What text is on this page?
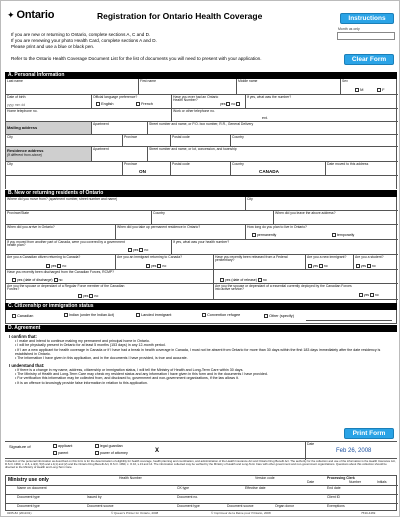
✦ Ontario	Registration for Ontario Health Coverage	Instructions
Month us only
If you are new or returning to Ontario, complete sections A, C and D.
If you are renewing your photo Health Card, complete sections A and D.
Please print and use a blue or black pen.
Refer to the Ontario Health Coverage Document List for the list of documents you will need to present with your application.	Clear Form
A. Personal Information
Last name	First name	Middle name	Sex
M	F
Date of birth
yyyy mm dd
Official language preference?
English	French
Have you ever had an Ontario Health Number?
yes no
If yes, what was the number?
Home telephone no.	Work or other telephone no.
ext.
Mailing address
Apartment	Street number and name, or P.O. box number, R.R., General Delivery
City	Province	Postal code	Country
Residence address
(if different from above)
Apartment	Street number and name, or lot, concession, and township
City	Province
ON
Postal code	Country
CANADA
Date moved to this address
B. New or returning residents of Ontario
Where did you move from? (apartment number, street number and name)	City
Province/State	Country	When did you leave the above address?
When did you arrive in Ontario?	When did you take up permanent residence in Ontario?	How long do you plan to live in Ontario?
permanently	temporarily
If you moved from another part of Canada, were you covered by a government health plan?
yes no
If yes, what was your health number?
Are you a Canadian citizen returning to Canada?
yes no
Are you an immigrant returning to Canada?
yes no
Have you recently been released from a Federal penitentiary?
Are you a new immigrant?
yes no
Are you a student?
yes no
Have you recently been discharged from the Canadian Forces, RCMP?
yes (date of discharge) no	yes (date of release) no
Are you the spouse or dependant of a Regular Force member of the Canadian Forces?
yes no
Are you the spouse or dependant of a essential currently deployed by the Canadian Forces into active service?
yes no
C. Citizenship or immigration status
Canadian	Indian (under the Indian Act)	Landed immigrant	Convention refugee	Other (specify)
D. Agreement
I confirm that:
• I make and intend to continue making my permanent and principal home in Ontario.
• I will be physically present in Ontario for at least 5 months (153 days) in any 12-month period.
• If I am a new applicant for health coverage in Canada or if I have had a break in health coverage in Canada, I must not be absent from Ontario for more than 30 days within the first 183 days immediately after the date residency is established in Ontario.
• The information I have given in this application, and in the documents I have provided, is true and accurate.
I understand that:
• If there is a change in my name, address, citizenship or immigration status, I will tell the Ministry of Health and Long-Term Care within 30 days.
• The Ministry of Health and Long-Term Care may check my resident status and any information I have given in this form and in the documents I have provided.
• For verification this information may be collected from, and disclosed to, government and non-government organizations, if the law allows it.
• It is an offence to knowingly provide false information in relation to this application.
Print Form
Signature of	applicant
parent
legal guardian
power of attorney	X
Date
Feb 26, 2008
Collection of the personal information as described on this form is for the determination of eligibility for health coverage, health planning and coordination, and administration of the Health Insurance Act and Ontario Drug Benefit Act. The authority for the collection and use of the information is the Health Insurance Act, R.S.O. 1990, c. H.6, s.4(2), 5(3) and s.1(1) and (2) and the Ontario Drug Benefit Act, R.S.O. 1990, c. O.10, s.13 and 14. The information collected may be verified by the Ministry of Health and Long-Term Care with other government and non-government organizations. Questions about this collection should be directed to the Ministry of Health and Long-Term Care.
Ministry use only	Health Number	Version code	Processing Clerk
Date	Number	Initials
Name on document	CK type	Effective date	End date
Document type	Issued by	Document no.	Client ID
Document type	Document source	Document type	Document source	Organ donor	Exemptions
0265-82 (2011/01)	© Queen's Printer for Ontario, 2008	© Imprimeur de la Reine pour l'Ontario, 2008	7530-4469
